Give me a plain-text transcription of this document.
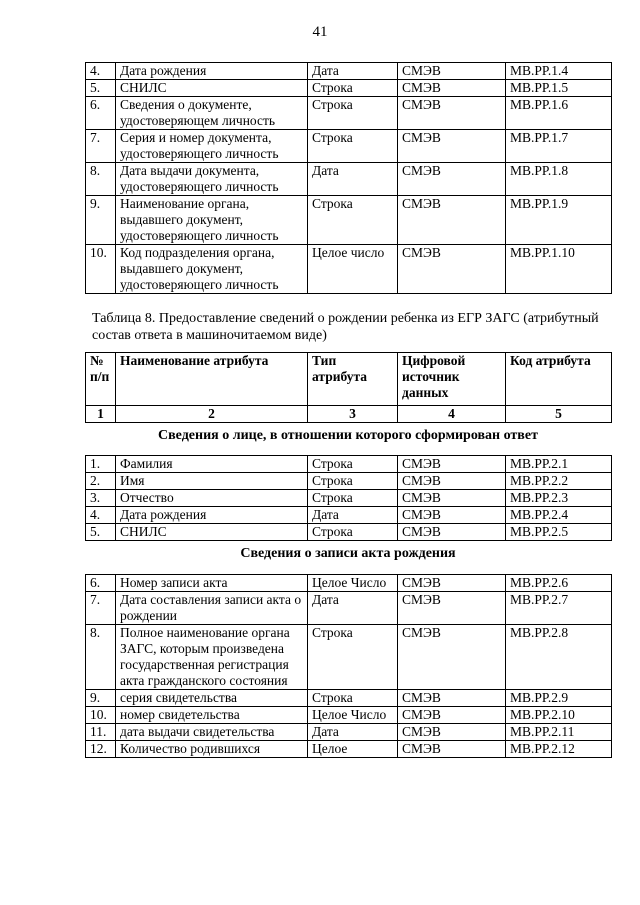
41
4.	Дата рождения	Дата	СМЭВ	MB.PP.1.4
5.	СНИЛС	Строка	СМЭВ	MB.PP.1.5
6.	Сведения о документе, удостоверяющем личность	Строка	СМЭВ	MB.PP.1.6
7.	Серия и номер документа, удостоверяющего личность	Строка	СМЭВ	MB.PP.1.7
8.	Дата выдачи документа, удостоверяющего личность	Дата	СМЭВ	MB.PP.1.8
9.	Наименование органа, выдавшего документ, удостоверяющего личность	Строка	СМЭВ	MB.PP.1.9
10.	Код подразделения органа, выдавшего документ, удостоверяющего личность	Целое число	СМЭВ	MB.PP.1.10
Таблица 8. Предоставление сведений о рождении ребенка из ЕГР ЗАГС (атрибутный состав ответа в машиночитаемом виде)
№ п/п	Наименование атрибута	Тип атрибута	Цифровой источник данных	Код атрибута
1	2	3	4	5
Сведения о лице, в отношении которого сформирован ответ
1.	Фамилия	Строка	СМЭВ	MB.PP.2.1
2.	Имя	Строка	СМЭВ	MB.PP.2.2
3.	Отчество	Строка	СМЭВ	MB.PP.2.3
4.	Дата рождения	Дата	СМЭВ	MB.PP.2.4
5.	СНИЛС	Строка	СМЭВ	MB.PP.2.5
Сведения о записи акта рождения
6.	Номер записи акта	Целое Число	СМЭВ	MB.PP.2.6
7.	Дата составления записи акта о рождении	Дата	СМЭВ	MB.PP.2.7
8.	Полное наименование органа ЗАГС, которым произведена государственная регистрация акта гражданского состояния	Строка	СМЭВ	MB.PP.2.8
9.	серия свидетельства	Строка	СМЭВ	MB.PP.2.9
10.	номер свидетельства	Целое Число	СМЭВ	MB.PP.2.10
11.	дата выдачи свидетельства	Дата	СМЭВ	MB.PP.2.11
12.	Количество родившихся	Целое	СМЭВ	MB.PP.2.12
